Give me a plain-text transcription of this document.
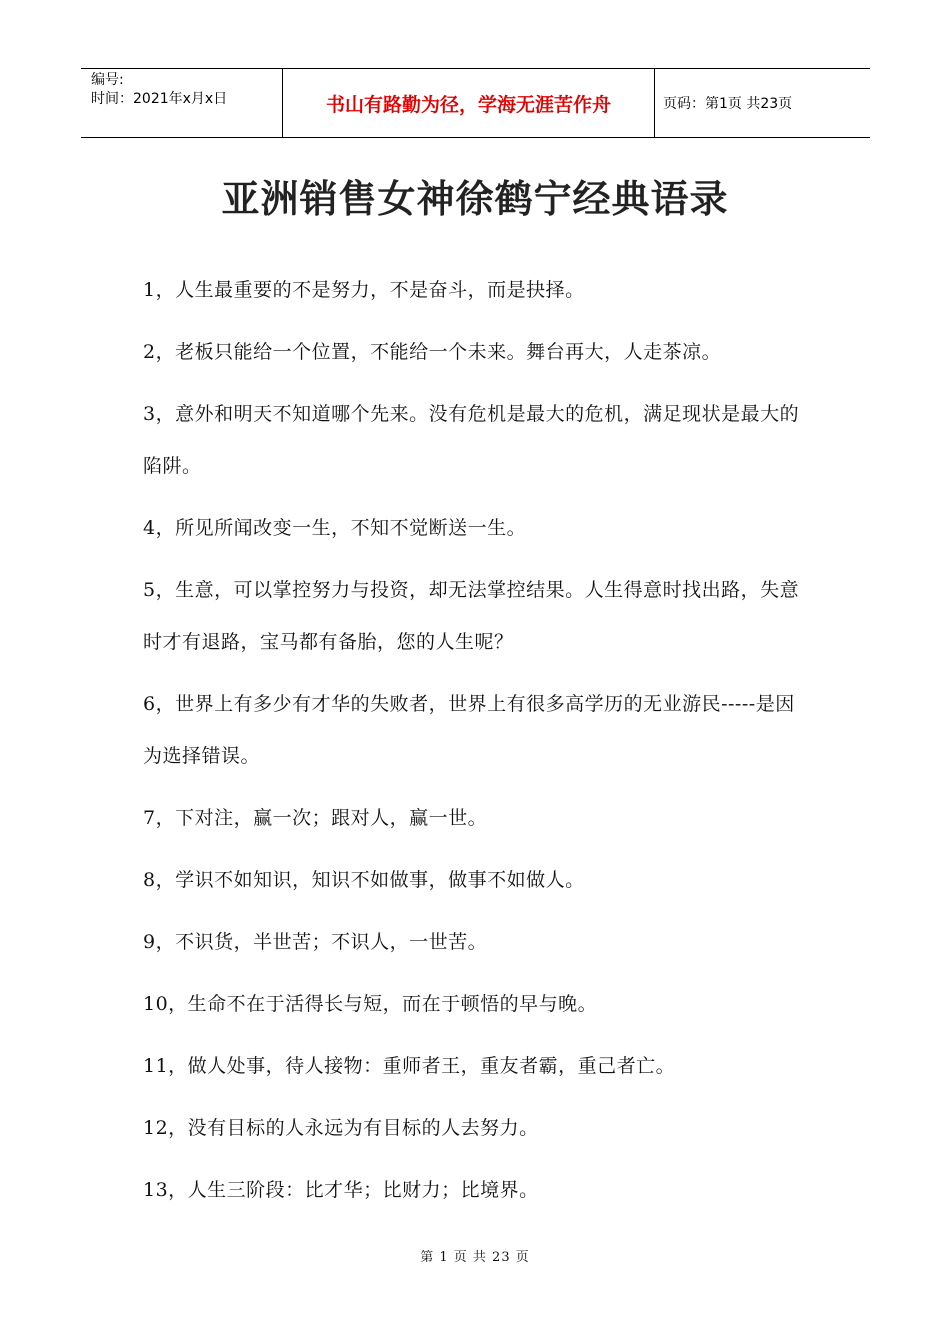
编号:
时间：2021年x月x日	书山有路勤为径，学海无涯苦作舟	页码：第1页 共23页
亚洲销售女神徐鹤宁经典语录
1，人生最重要的不是努力，不是奋斗，而是抉择。
2，老板只能给一个位置，不能给一个未来。舞台再大，人走茶凉。
3，意外和明天不知道哪个先来。没有危机是最大的危机，满足现状是最大的陷阱。
4，所见所闻改变一生，不知不觉断送一生。
5，生意，可以掌控努力与投资，却无法掌控结果。人生得意时找出路，失意时才有退路，宝马都有备胎，您的人生呢？
6，世界上有多少有才华的失败者，世界上有很多高学历的无业游民-----是因为选择错误。
7，下对注，赢一次；跟对人，赢一世。
8，学识不如知识，知识不如做事，做事不如做人。
9，不识货，半世苦；不识人，一世苦。
10，生命不在于活得长与短，而在于顿悟的早与晚。
11，做人处事，待人接物：重师者王，重友者霸，重己者亡。
12，没有目标的人永远为有目标的人去努力。
13，人生三阶段：比才华；比财力；比境界。
第 1 页 共 23 页
